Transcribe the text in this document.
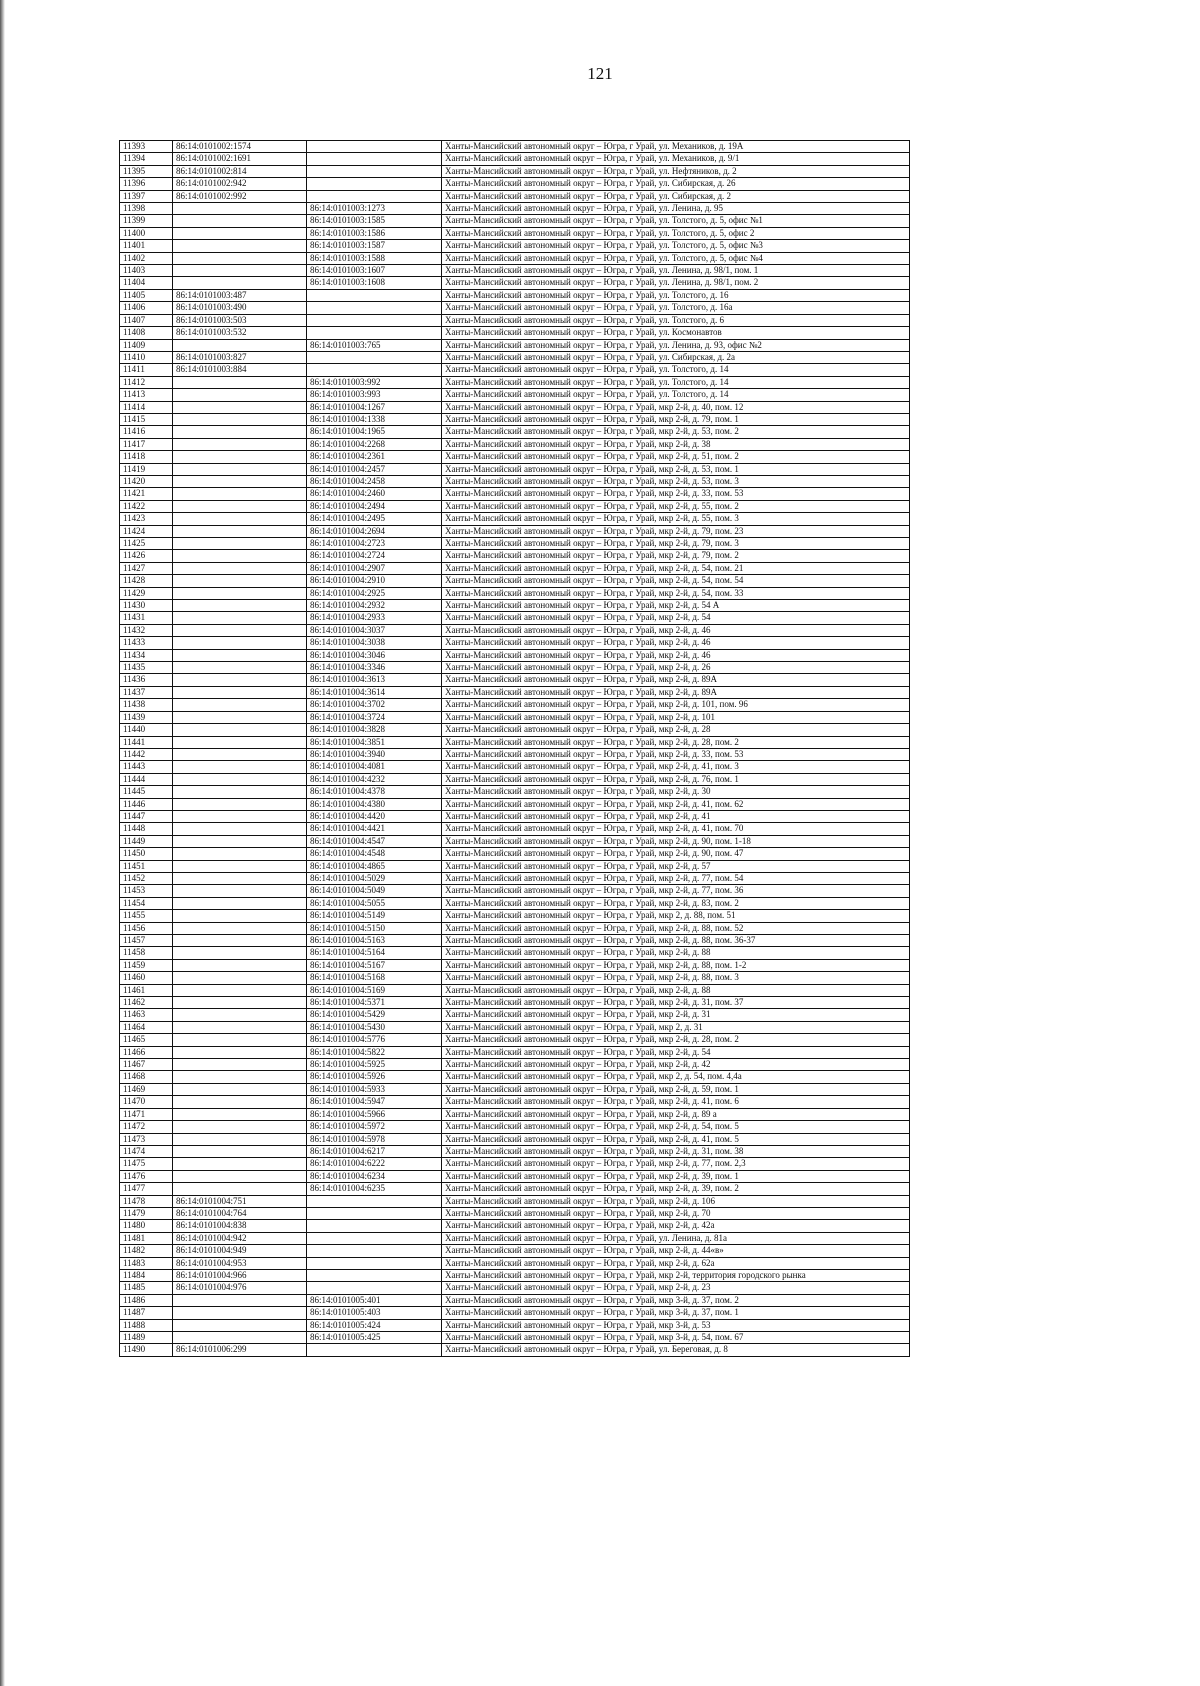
121
11393	86:14:0101002:1574		Ханты-Мансийский автономный округ – Югра, г Урай, ул. Механиков, д. 19А
11394	86:14:0101002:1691		Ханты-Мансийский автономный округ – Югра, г Урай, ул. Механиков, д. 9/1
11395	86:14:0101002:814		Ханты-Мансийский автономный округ – Югра, г Урай, ул. Нефтяников, д. 2
11396	86:14:0101002:942		Ханты-Мансийский автономный округ – Югра, г Урай, ул. Сибирская, д. 26
11397	86:14:0101002:992		Ханты-Мансийский автономный округ – Югра, г Урай, ул. Сибирская, д. 2
11398		86:14:0101003:1273	Ханты-Мансийский автономный округ – Югра, г Урай, ул. Ленина, д. 95
11399		86:14:0101003:1585	Ханты-Мансийский автономный округ – Югра, г Урай, ул. Толстого, д. 5, офис №1
11400		86:14:0101003:1586	Ханты-Мансийский автономный округ – Югра, г Урай, ул. Толстого, д. 5, офис 2
11401		86:14:0101003:1587	Ханты-Мансийский автономный округ – Югра, г Урай, ул. Толстого, д. 5, офис №3
11402		86:14:0101003:1588	Ханты-Мансийский автономный округ – Югра, г Урай, ул. Толстого, д. 5, офис №4
11403		86:14:0101003:1607	Ханты-Мансийский автономный округ – Югра, г Урай, ул. Ленина, д. 98/1, пом. 1
11404		86:14:0101003:1608	Ханты-Мансийский автономный округ – Югра, г Урай, ул. Ленина, д. 98/1, пом. 2
11405	86:14:0101003:487		Ханты-Мансийский автономный округ – Югра, г Урай, ул. Толстого, д. 16
11406	86:14:0101003:490		Ханты-Мансийский автономный округ – Югра, г Урай, ул. Толстого, д. 16а
11407	86:14:0101003:503		Ханты-Мансийский автономный округ – Югра, г Урай, ул. Толстого, д. 6
11408	86:14:0101003:532		Ханты-Мансийский автономный округ – Югра, г Урай, ул. Космонавтов
11409		86:14:0101003:765	Ханты-Мансийский автономный округ – Югра, г Урай, ул. Ленина, д. 93, офис №2
11410	86:14:0101003:827		Ханты-Мансийский автономный округ – Югра, г Урай, ул. Сибирская, д. 2а
11411	86:14:0101003:884		Ханты-Мансийский автономный округ – Югра, г Урай, ул. Толстого, д. 14
11412		86:14:0101003:992	Ханты-Мансийский автономный округ – Югра, г Урай, ул. Толстого, д. 14
11413		86:14:0101003:993	Ханты-Мансийский автономный округ – Югра, г Урай, ул. Толстого, д. 14
11414		86:14:0101004:1267	Ханты-Мансийский автономный округ – Югра, г Урай, мкр 2-й, д. 40, пом. 12
11415		86:14:0101004:1338	Ханты-Мансийский автономный округ – Югра, г Урай, мкр 2-й, д. 79, пом. 1
11416		86:14:0101004:1965	Ханты-Мансийский автономный округ – Югра, г Урай, мкр 2-й, д. 53, пом. 2
11417		86:14:0101004:2268	Ханты-Мансийский автономный округ – Югра, г Урай, мкр 2-й, д. 38
11418		86:14:0101004:2361	Ханты-Мансийский автономный округ – Югра, г Урай, мкр 2-й, д. 51, пом. 2
11419		86:14:0101004:2457	Ханты-Мансийский автономный округ – Югра, г Урай, мкр 2-й, д. 53, пом. 1
11420		86:14:0101004:2458	Ханты-Мансийский автономный округ – Югра, г Урай, мкр 2-й, д. 53, пом. 3
11421		86:14:0101004:2460	Ханты-Мансийский автономный округ – Югра, г Урай, мкр 2-й, д. 33, пом. 53
11422		86:14:0101004:2494	Ханты-Мансийский автономный округ – Югра, г Урай, мкр 2-й, д. 55, пом. 2
11423		86:14:0101004:2495	Ханты-Мансийский автономный округ – Югра, г Урай, мкр 2-й, д. 55, пом. 3
11424		86:14:0101004:2694	Ханты-Мансийский автономный округ – Югра, г Урай, мкр 2-й, д. 79, пом. 23
11425		86:14:0101004:2723	Ханты-Мансийский автономный округ – Югра, г Урай, мкр 2-й, д. 79, пом. 3
11426		86:14:0101004:2724	Ханты-Мансийский автономный округ – Югра, г Урай, мкр 2-й, д. 79, пом. 2
11427		86:14:0101004:2907	Ханты-Мансийский автономный округ – Югра, г Урай, мкр 2-й, д. 54, пом. 21
11428		86:14:0101004:2910	Ханты-Мансийский автономный округ – Югра, г Урай, мкр 2-й, д. 54, пом. 54
11429		86:14:0101004:2925	Ханты-Мансийский автономный округ – Югра, г Урай, мкр 2-й, д. 54, пом. 33
11430		86:14:0101004:2932	Ханты-Мансийский автономный округ – Югра, г Урай, мкр 2-й, д. 54 А
11431		86:14:0101004:2933	Ханты-Мансийский автономный округ – Югра, г Урай, мкр 2-й, д. 54
11432		86:14:0101004:3037	Ханты-Мансийский автономный округ – Югра, г Урай, мкр 2-й, д. 46
11433		86:14:0101004:3038	Ханты-Мансийский автономный округ – Югра, г Урай, мкр 2-й, д. 46
11434		86:14:0101004:3046	Ханты-Мансийский автономный округ – Югра, г Урай, мкр 2-й, д. 46
11435		86:14:0101004:3346	Ханты-Мансийский автономный округ – Югра, г Урай, мкр 2-й, д. 26
11436		86:14:0101004:3613	Ханты-Мансийский автономный округ – Югра, г Урай, мкр 2-й, д. 89А
11437		86:14:0101004:3614	Ханты-Мансийский автономный округ – Югра, г Урай, мкр 2-й, д. 89А
11438		86:14:0101004:3702	Ханты-Мансийский автономный округ – Югра, г Урай, мкр 2-й, д. 101, пом. 96
11439		86:14:0101004:3724	Ханты-Мансийский автономный округ – Югра, г Урай, мкр 2-й, д. 101
11440		86:14:0101004:3828	Ханты-Мансийский автономный округ – Югра, г Урай, мкр 2-й, д. 28
11441		86:14:0101004:3851	Ханты-Мансийский автономный округ – Югра, г Урай, мкр 2-й, д. 28, пом. 2
11442		86:14:0101004:3940	Ханты-Мансийский автономный округ – Югра, г Урай, мкр 2-й, д. 33, пом. 53
11443		86:14:0101004:4081	Ханты-Мансийский автономный округ – Югра, г Урай, мкр 2-й, д. 41, пом. 3
11444		86:14:0101004:4232	Ханты-Мансийский автономный округ – Югра, г Урай, мкр 2-й, д. 76, пом. 1
11445		86:14:0101004:4378	Ханты-Мансийский автономный округ – Югра, г Урай, мкр 2-й, д. 30
11446		86:14:0101004:4380	Ханты-Мансийский автономный округ – Югра, г Урай, мкр 2-й, д. 41, пом. 62
11447		86:14:0101004:4420	Ханты-Мансийский автономный округ – Югра, г Урай, мкр 2-й, д. 41
11448		86:14:0101004:4421	Ханты-Мансийский автономный округ – Югра, г Урай, мкр 2-й, д. 41, пом. 70
11449		86:14:0101004:4547	Ханты-Мансийский автономный округ – Югра, г Урай, мкр 2-й, д. 90, пом. 1-18
11450		86:14:0101004:4548	Ханты-Мансийский автономный округ – Югра, г Урай, мкр 2-й, д. 90, пом. 47
11451		86:14:0101004:4865	Ханты-Мансийский автономный округ – Югра, г Урай, мкр 2-й, д. 57
11452		86:14:0101004:5029	Ханты-Мансийский автономный округ – Югра, г Урай, мкр 2-й, д. 77, пом. 54
11453		86:14:0101004:5049	Ханты-Мансийский автономный округ – Югра, г Урай, мкр 2-й, д. 77, пом. 36
11454		86:14:0101004:5055	Ханты-Мансийский автономный округ – Югра, г Урай, мкр 2-й, д. 83, пом. 2
11455		86:14:0101004:5149	Ханты-Мансийский автономный округ – Югра, г Урай, мкр 2, д. 88, пом. 51
11456		86:14:0101004:5150	Ханты-Мансийский автономный округ – Югра, г Урай, мкр 2-й, д. 88, пом. 52
11457		86:14:0101004:5163	Ханты-Мансийский автономный округ – Югра, г Урай, мкр 2-й, д. 88, пом. 36-37
11458		86:14:0101004:5164	Ханты-Мансийский автономный округ – Югра, г Урай, мкр 2-й, д. 88
11459		86:14:0101004:5167	Ханты-Мансийский автономный округ – Югра, г Урай, мкр 2-й, д. 88, пом. 1-2
11460		86:14:0101004:5168	Ханты-Мансийский автономный округ – Югра, г Урай, мкр 2-й, д. 88, пом. 3
11461		86:14:0101004:5169	Ханты-Мансийский автономный округ – Югра, г Урай, мкр 2-й, д. 88
11462		86:14:0101004:5371	Ханты-Мансийский автономный округ – Югра, г Урай, мкр 2-й, д. 31, пом. 37
11463		86:14:0101004:5429	Ханты-Мансийский автономный округ – Югра, г Урай, мкр 2-й, д. 31
11464		86:14:0101004:5430	Ханты-Мансийский автономный округ – Югра, г Урай, мкр 2, д. 31
11465		86:14:0101004:5776	Ханты-Мансийский автономный округ – Югра, г Урай, мкр 2-й, д. 28, пом. 2
11466		86:14:0101004:5822	Ханты-Мансийский автономный округ – Югра, г Урай, мкр 2-й, д. 54
11467		86:14:0101004:5925	Ханты-Мансийский автономный округ – Югра, г Урай, мкр 2-й, д. 42
11468		86:14:0101004:5926	Ханты-Мансийский автономный округ – Югра, г Урай, мкр 2, д. 54, пом. 4,4а
11469		86:14:0101004:5933	Ханты-Мансийский автономный округ – Югра, г Урай, мкр 2-й, д. 59, пом. 1
11470		86:14:0101004:5947	Ханты-Мансийский автономный округ – Югра, г Урай, мкр 2-й, д. 41, пом. 6
11471		86:14:0101004:5966	Ханты-Мансийский автономный округ – Югра, г Урай, мкр 2-й, д. 89 а
11472		86:14:0101004:5972	Ханты-Мансийский автономный округ – Югра, г Урай, мкр 2-й, д. 54, пом. 5
11473		86:14:0101004:5978	Ханты-Мансийский автономный округ – Югра, г Урай, мкр 2-й, д. 41, пом. 5
11474		86:14:0101004:6217	Ханты-Мансийский автономный округ – Югра, г Урай, мкр 2-й, д. 31, пом. 38
11475		86:14:0101004:6222	Ханты-Мансийский автономный округ – Югра, г Урай, мкр 2-й, д. 77, пом. 2,3
11476		86:14:0101004:6234	Ханты-Мансийский автономный округ – Югра, г Урай, мкр 2-й, д. 39, пом. 1
11477		86:14:0101004:6235	Ханты-Мансийский автономный округ – Югра, г Урай, мкр 2-й, д. 39, пом. 2
11478	86:14:0101004:751		Ханты-Мансийский автономный округ – Югра, г Урай, мкр 2-й, д. 106
11479	86:14:0101004:764		Ханты-Мансийский автономный округ – Югра, г Урай, мкр 2-й, д. 70
11480	86:14:0101004:838		Ханты-Мансийский автономный округ – Югра, г Урай, мкр 2-й, д. 42а
11481	86:14:0101004:942		Ханты-Мансийский автономный округ – Югра, г Урай, ул. Ленина, д. 81а
11482	86:14:0101004:949		Ханты-Мансийский автономный округ – Югра, г Урай, мкр 2-й, д. 44«в»
11483	86:14:0101004:953		Ханты-Мансийский автономный округ – Югра, г Урай, мкр 2-й, д. 62а
11484	86:14:0101004:966		Ханты-Мансийский автономный округ – Югра, г Урай, мкр 2-й, территория городского рынка
11485	86:14:0101004:976		Ханты-Мансийский автономный округ – Югра, г Урай, мкр 2-й, д. 23
11486		86:14:0101005:401	Ханты-Мансийский автономный округ – Югра, г Урай, мкр 3-й, д. 37, пом. 2
11487		86:14:0101005:403	Ханты-Мансийский автономный округ – Югра, г Урай, мкр 3-й, д. 37, пом. 1
11488		86:14:0101005:424	Ханты-Мансийский автономный округ – Югра, г Урай, мкр 3-й, д. 53
11489		86:14:0101005:425	Ханты-Мансийский автономный округ – Югра, г Урай, мкр 3-й, д. 54, пом. 67
11490	86:14:0101006:299		Ханты-Мансийский автономный округ – Югра, г Урай, ул. Береговая, д. 8
